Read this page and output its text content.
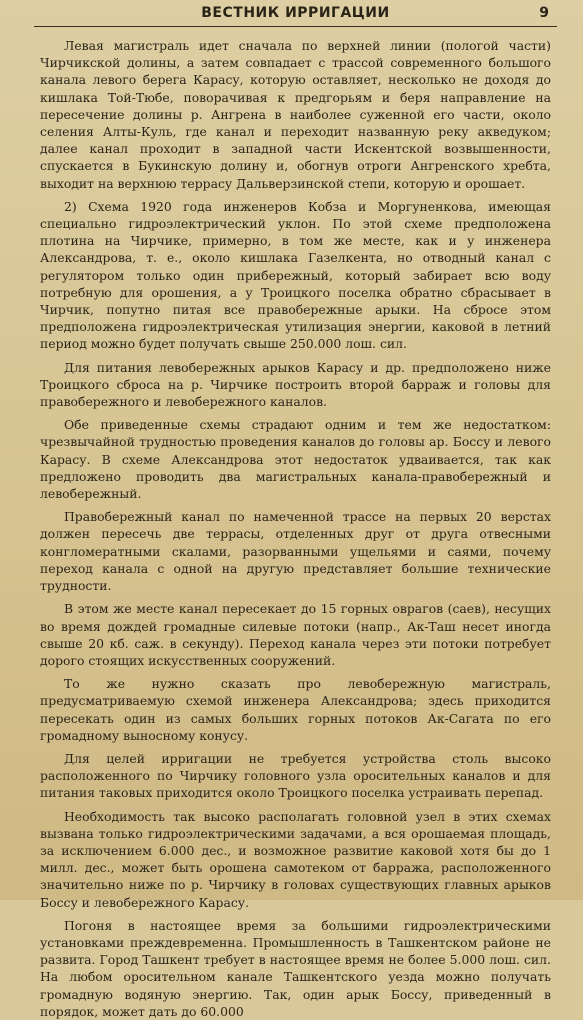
ВЕСТНИК ИРРИГАЦИИ	9

Левая магистраль идет сначала по верхней линии (пологой части) Чирчикской долины, а затем совпадает с трассой современного большого канала левого берега Карасу, которую оставляет, несколько не доходя до кишлака Той-Тюбе, поворачивая к предгорьям и беря направление на пересечение долины р. Ангрена в наиболее суженной его части, около селения Алты-Куль, где канал и переходит названную реку акведуком; далее канал проходит в западной части Искентской возвышенности, спускается в Букинскую долину и, обогнув отроги Ангренского хребта, выходит на верхнюю террасу Дальверзинской степи, которую и орошает.

2) Схема 1920 года инженеров Кобза и Моргуненкова, имеющая специально гидроэлектрический уклон. По этой схеме предположена плотина на Чирчике, примерно, в том же месте, как и у инженера Александрова, т. е., около кишлака Газелкента, но отводный канал с регулятором только один прибережный, который забирает всю воду потребную для орошения, а у Троицкого поселка обратно сбрасывает в Чирчик, попутно питая все правобережные арыки. На сбросе этом предположена гидроэлектрическая утилизация энергии, каковой в летний период можно будет получать свыше 250.000 лош. сил.

Для питания левобережных арыков Карасу и др. предположено ниже Троицкого сброса на р. Чирчике построить второй барраж и головы для правобережного и левобережного каналов.

Обе приведенные схемы страдают одним и тем же недостатком: чрезвычайной трудностью проведения каналов до головы ар. Боссу и левого Карасу. В схеме Александрова этот недостаток удваивается, так как предложено проводить два магистральных канала-правобережный и левобережный.

Правобережный канал по намеченной трассе на первых 20 верстах должен пересечь две террасы, отделенных друг от друга отвесными конгломератными скалами, разорванными ущельями и саями, почему переход канала с одной на другую представляет большие технические трудности.

В этом же месте канал пересекает до 15 горных оврагов (саев), несущих во время дождей громадные силевые потоки (напр., Ак-Таш несет иногда свыше 20 кб. саж. в секунду). Переход канала через эти потоки потребует дорого стоящих искусственных сооружений.

То же нужно сказать про левобережную магистраль, предусматриваемую схемой инженера Александрова; здесь приходится пересекать один из самых больших горных потоков Ак-Сагата по его громадному выносному конусу.

Для целей ирригации не требуется устройства столь высоко расположенного по Чирчику головного узла оросительных каналов и для питания таковых приходится около Троицкого поселка устраивать перепад.

Необходимость так высоко располагать головной узел в этих схемах вызвана только гидроэлектрическими задачами, а вся орошаемая площадь, за исключением 6.000 дес., и возможное развитие каковой хотя бы до 1 милл. дес., может быть орошена самотеком от барража, расположенного значительно ниже по р. Чирчику в головах существующих главных арыков Боссу и левобережного Карасу.

Погоня в настоящее время за большими гидроэлектрическими установками преждевременна. Промышленность в Ташкентском районе не развита. Город Ташкент требует в настоящее время не более 5.000 лош. сил. На любом оросительном канале Ташкентского уезда можно получать громадную водяную энергию. Так, один арык Боссу, приведенный в порядок, может дать до 60.000
